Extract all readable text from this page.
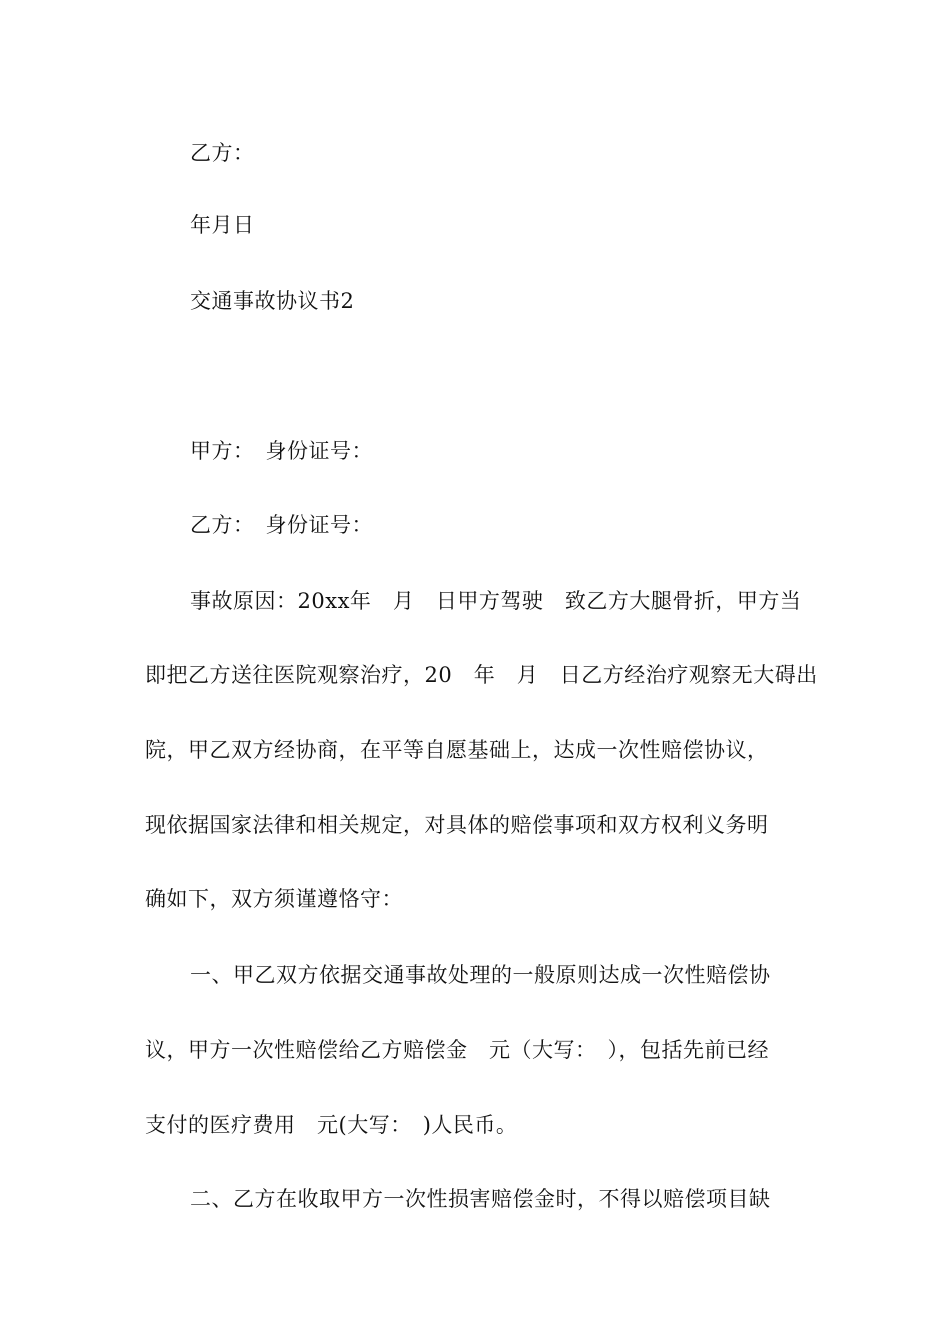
乙方：
年月日
交通事故协议书2
甲方：　身份证号：
乙方：　身份证号：
事故原因：20xx年　月　日甲方驾驶　致乙方大腿骨折，甲方当
即把乙方送往医院观察治疗，20　年　月　日乙方经治疗观察无大碍出
院，甲乙双方经协商，在平等自愿基础上，达成一次性赔偿协议，
现依据国家法律和相关规定，对具体的赔偿事项和双方权利义务明
确如下，双方须谨遵恪守：
一、甲乙双方依据交通事故处理的一般原则达成一次性赔偿协
议，甲方一次性赔偿给乙方赔偿金　元（大写：　），包括先前已经
支付的医疗费用　元(大写：　)人民币。
二、乙方在收取甲方一次性损害赔偿金时，不得以赔偿项目缺
